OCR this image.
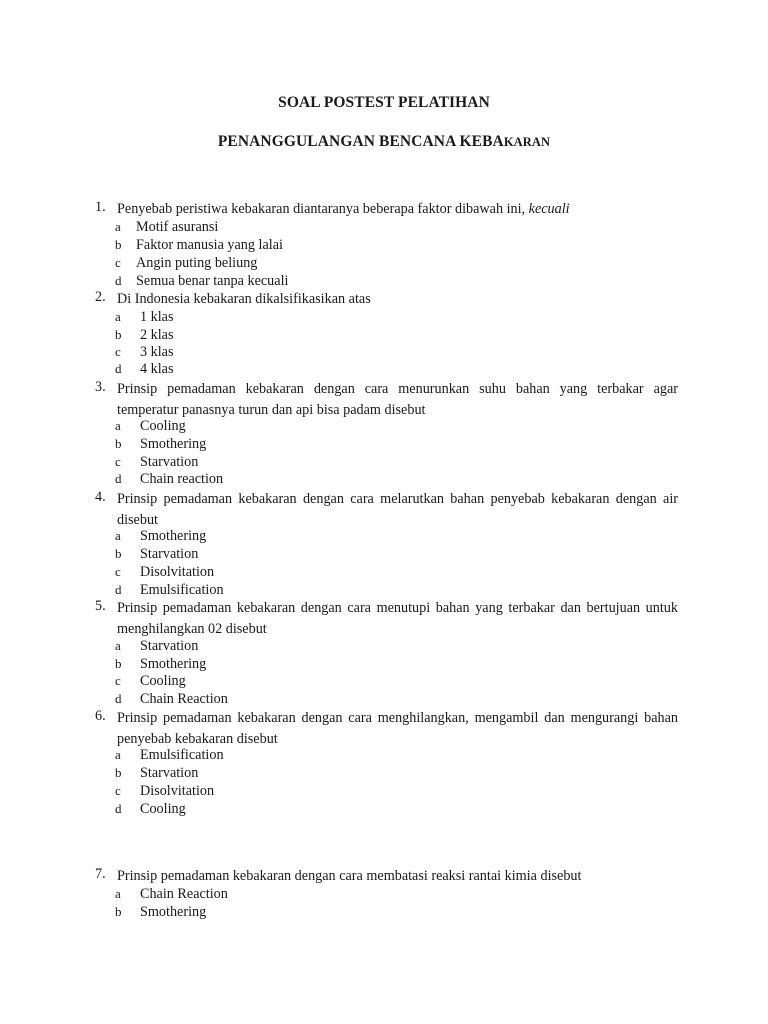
SOAL POSTEST PELATIHAN
PENANGGULANGAN BENCANA KEBAKARAN
1. Penyebab peristiwa kebakaran diantaranya beberapa faktor dibawah ini, kecuali
a Motif asuransi
b Faktor manusia yang lalai
c Angin puting beliung
d Semua benar tanpa kecuali
2. Di Indonesia kebakaran dikalsifikasikan atas
a 1 klas
b 2 klas
c 3 klas
d 4 klas
3. Prinsip pemadaman kebakaran dengan cara menurunkan suhu bahan yang terbakar agar temperatur panasnya turun dan api bisa padam disebut
a Cooling
b Smothering
c Starvation
d Chain reaction
4. Prinsip pemadaman kebakaran dengan cara melarutkan bahan penyebab kebakaran dengan air disebut
a Smothering
b Starvation
c Disolvitation
d Emulsification
5. Prinsip pemadaman kebakaran dengan cara menutupi bahan yang terbakar dan bertujuan untuk menghilangkan 02 disebut
a Starvation
b Smothering
c Cooling
d Chain Reaction
6. Prinsip pemadaman kebakaran dengan cara menghilangkan, mengambil dan mengurangi bahan penyebab kebakaran disebut
a Emulsification
b Starvation
c Disolvitation
d Cooling
7. Prinsip pemadaman kebakaran dengan cara membatasi reaksi rantai kimia disebut
a Chain Reaction
b Smothering
